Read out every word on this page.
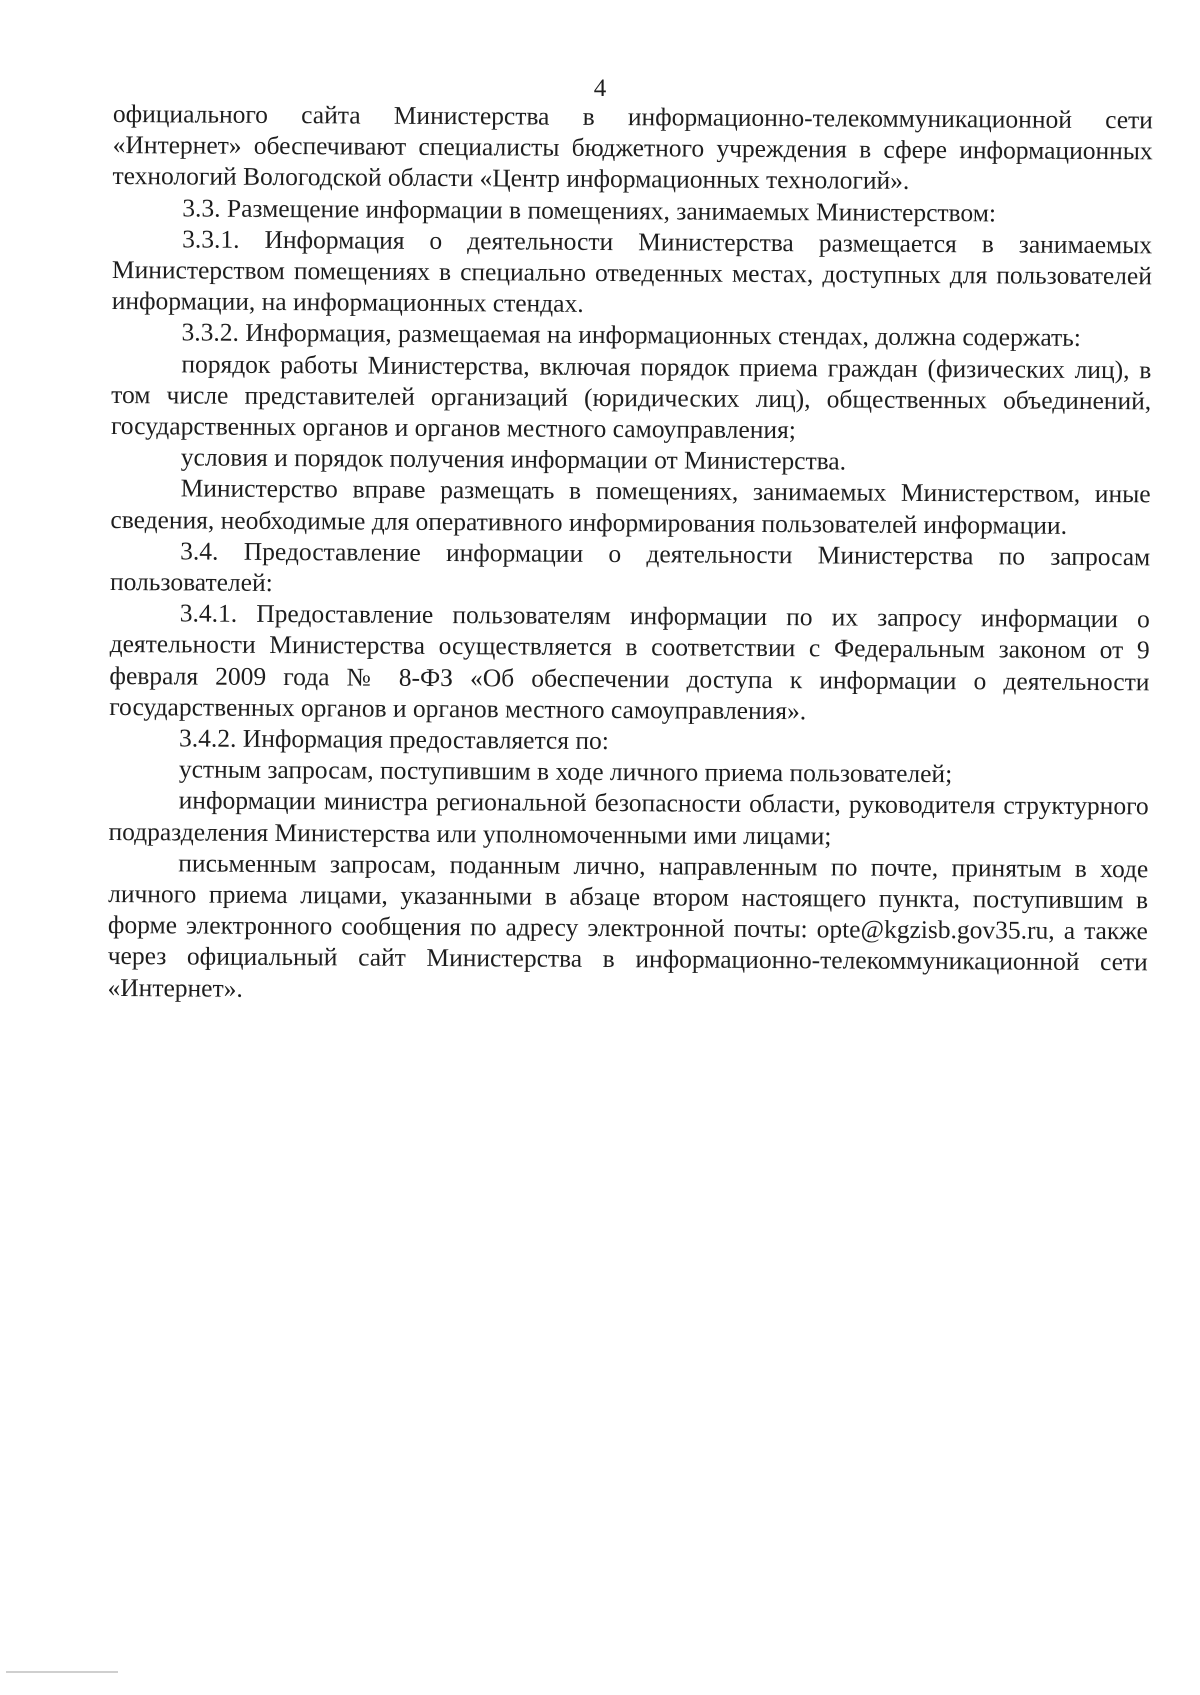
4

официального сайта Министерства в информационно-телекоммуникационной сети «Интернет» обеспечивают специалисты бюджетного учреждения в сфере информационных технологий Вологодской области «Центр информационных технологий».

3.3. Размещение информации в помещениях, занимаемых Министерством:

3.3.1. Информация о деятельности Министерства размещается в занимаемых Министерством помещениях в специально отведенных местах, доступных для пользователей информации, на информационных стендах.

3.3.2. Информация, размещаемая на информационных стендах, должна содержать:

порядок работы Министерства, включая порядок приема граждан (физических лиц), в том числе представителей организаций (юридических лиц), общественных объединений, государственных органов и органов местного самоуправления;

условия и порядок получения информации от Министерства.

Министерство вправе размещать в помещениях, занимаемых Министерством, иные сведения, необходимые для оперативного информирования пользователей информации.

3.4. Предоставление информации о деятельности Министерства по запросам пользователей:

3.4.1. Предоставление пользователям информации по их запросу информации о деятельности Министерства осуществляется в соответствии с Федеральным законом от 9 февраля 2009 года № 8-ФЗ «Об обеспечении доступа к информации о деятельности государственных органов и органов местного самоуправления».

3.4.2. Информация предоставляется по:

устным запросам, поступившим в ходе личного приема пользователей;

информации министра региональной безопасности области, руководителя структурного подразделения Министерства или уполномоченными ими лицами;

письменным запросам, поданным лично, направленным по почте, принятым в ходе личного приема лицами, указанными в абзаце втором настоящего пункта, поступившим в форме электронного сообщения по адресу электронной почты: opte@kgzisb.gov35.ru, а также через официальный сайт Министерства в информационно-телекоммуникационной сети «Интернет».
